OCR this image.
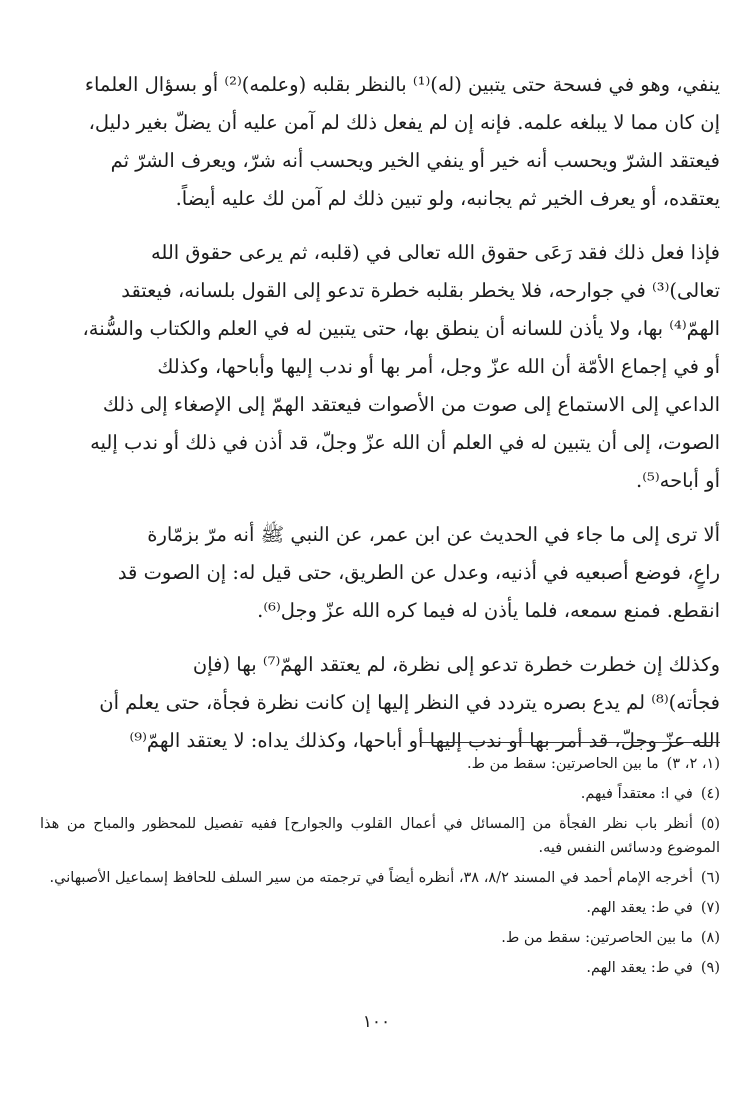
ينفي، وهو في فسحة حتى يتبين (له)⁽¹⁾ بالنظر بقلبه (وعلمه)⁽²⁾ أو بسؤال العلماء

إن كان مما لا يبلغه علمه. فإنه إن لم يفعل ذلك لم آمن عليه أن يضلّ بغير دليل،

فيعتقد الشرّ ويحسب أنه خير أو ينفي الخير ويحسب أنه شرّ، ويعرف الشرّ ثم

يعتقده، أو يعرف الخير ثم يجانبه، ولو تبين ذلك لم آمن لك عليه أيضاً.

فإذا فعل ذلك فقد رَعَى حقوق الله تعالى في (قلبه، ثم يرعى حقوق الله

تعالى)⁽³⁾ في جوارحه، فلا يخطر بقلبه خطرة تدعو إلى القول بلسانه، فيعتقد

الهمّ⁽⁴⁾ بها، ولا يأذن للسانه أن ينطق بها، حتى يتبين له في العلم والكتاب والسُّنة،

أو في إجماع الأمّة أن الله عزّ وجل، أمر بها أو ندب إليها وأباحها، وكذلك

الداعي إلى الاستماع إلى صوت من الأصوات فيعتقد الهمّ إلى الإصغاء إلى ذلك

الصوت، إلى أن يتبين له في العلم أن الله عزّ وجلّ، قد أذن في ذلك أو ندب إليه

أو أباحه⁽⁵⁾.

ألا ترى إلى ما جاء في الحديث عن ابن عمر، عن النبي ﷺ أنه مرّ بزمّارة

راعٍ، فوضع أصبعيه في أذنيه، وعدل عن الطريق، حتى قيل له: إن الصوت قد

انقطع. فمنع سمعه، فلما يأذن له فيما كره الله عزّ وجل⁽⁶⁾.

وكذلك إن خطرت خطرة تدعو إلى نظرة، لم يعتقد الهمّ⁽⁷⁾ بها (فإن

فجأته)⁽⁸⁾ لم يدع بصره يتردد في النظر إليها إن كانت نظرة فجأة، حتى يعلم أن

الله عزّ وجلّ، قد أمر بها أو ندب إليها أو أباحها، وكذلك يداه: لا يعتقد الهمّ⁽⁹⁾

(١، ٢، ٣)ما بين الحاصرتين: سقط من ط.
(٤)في ا: معتقداً فيهم.
(٥)أنظر باب نظر الفجأة من [المسائل في أعمال القلوب والجوارح] ففيه تفصيل للمحظور والمباح من هذا الموضوع ودسائس النفس فيه.
(٦)أخرجه الإمام أحمد في المسند ٨/٢، ٣٨، أنظره أيضاً في ترجمته من سير السلف للحافظ إسماعيل الأصبهاني.
(٧)في ط: يعقد الهم.
(٨)ما بين الحاصرتين: سقط من ط.
(٩)في ط: يعقد الهم.
١٠٠
